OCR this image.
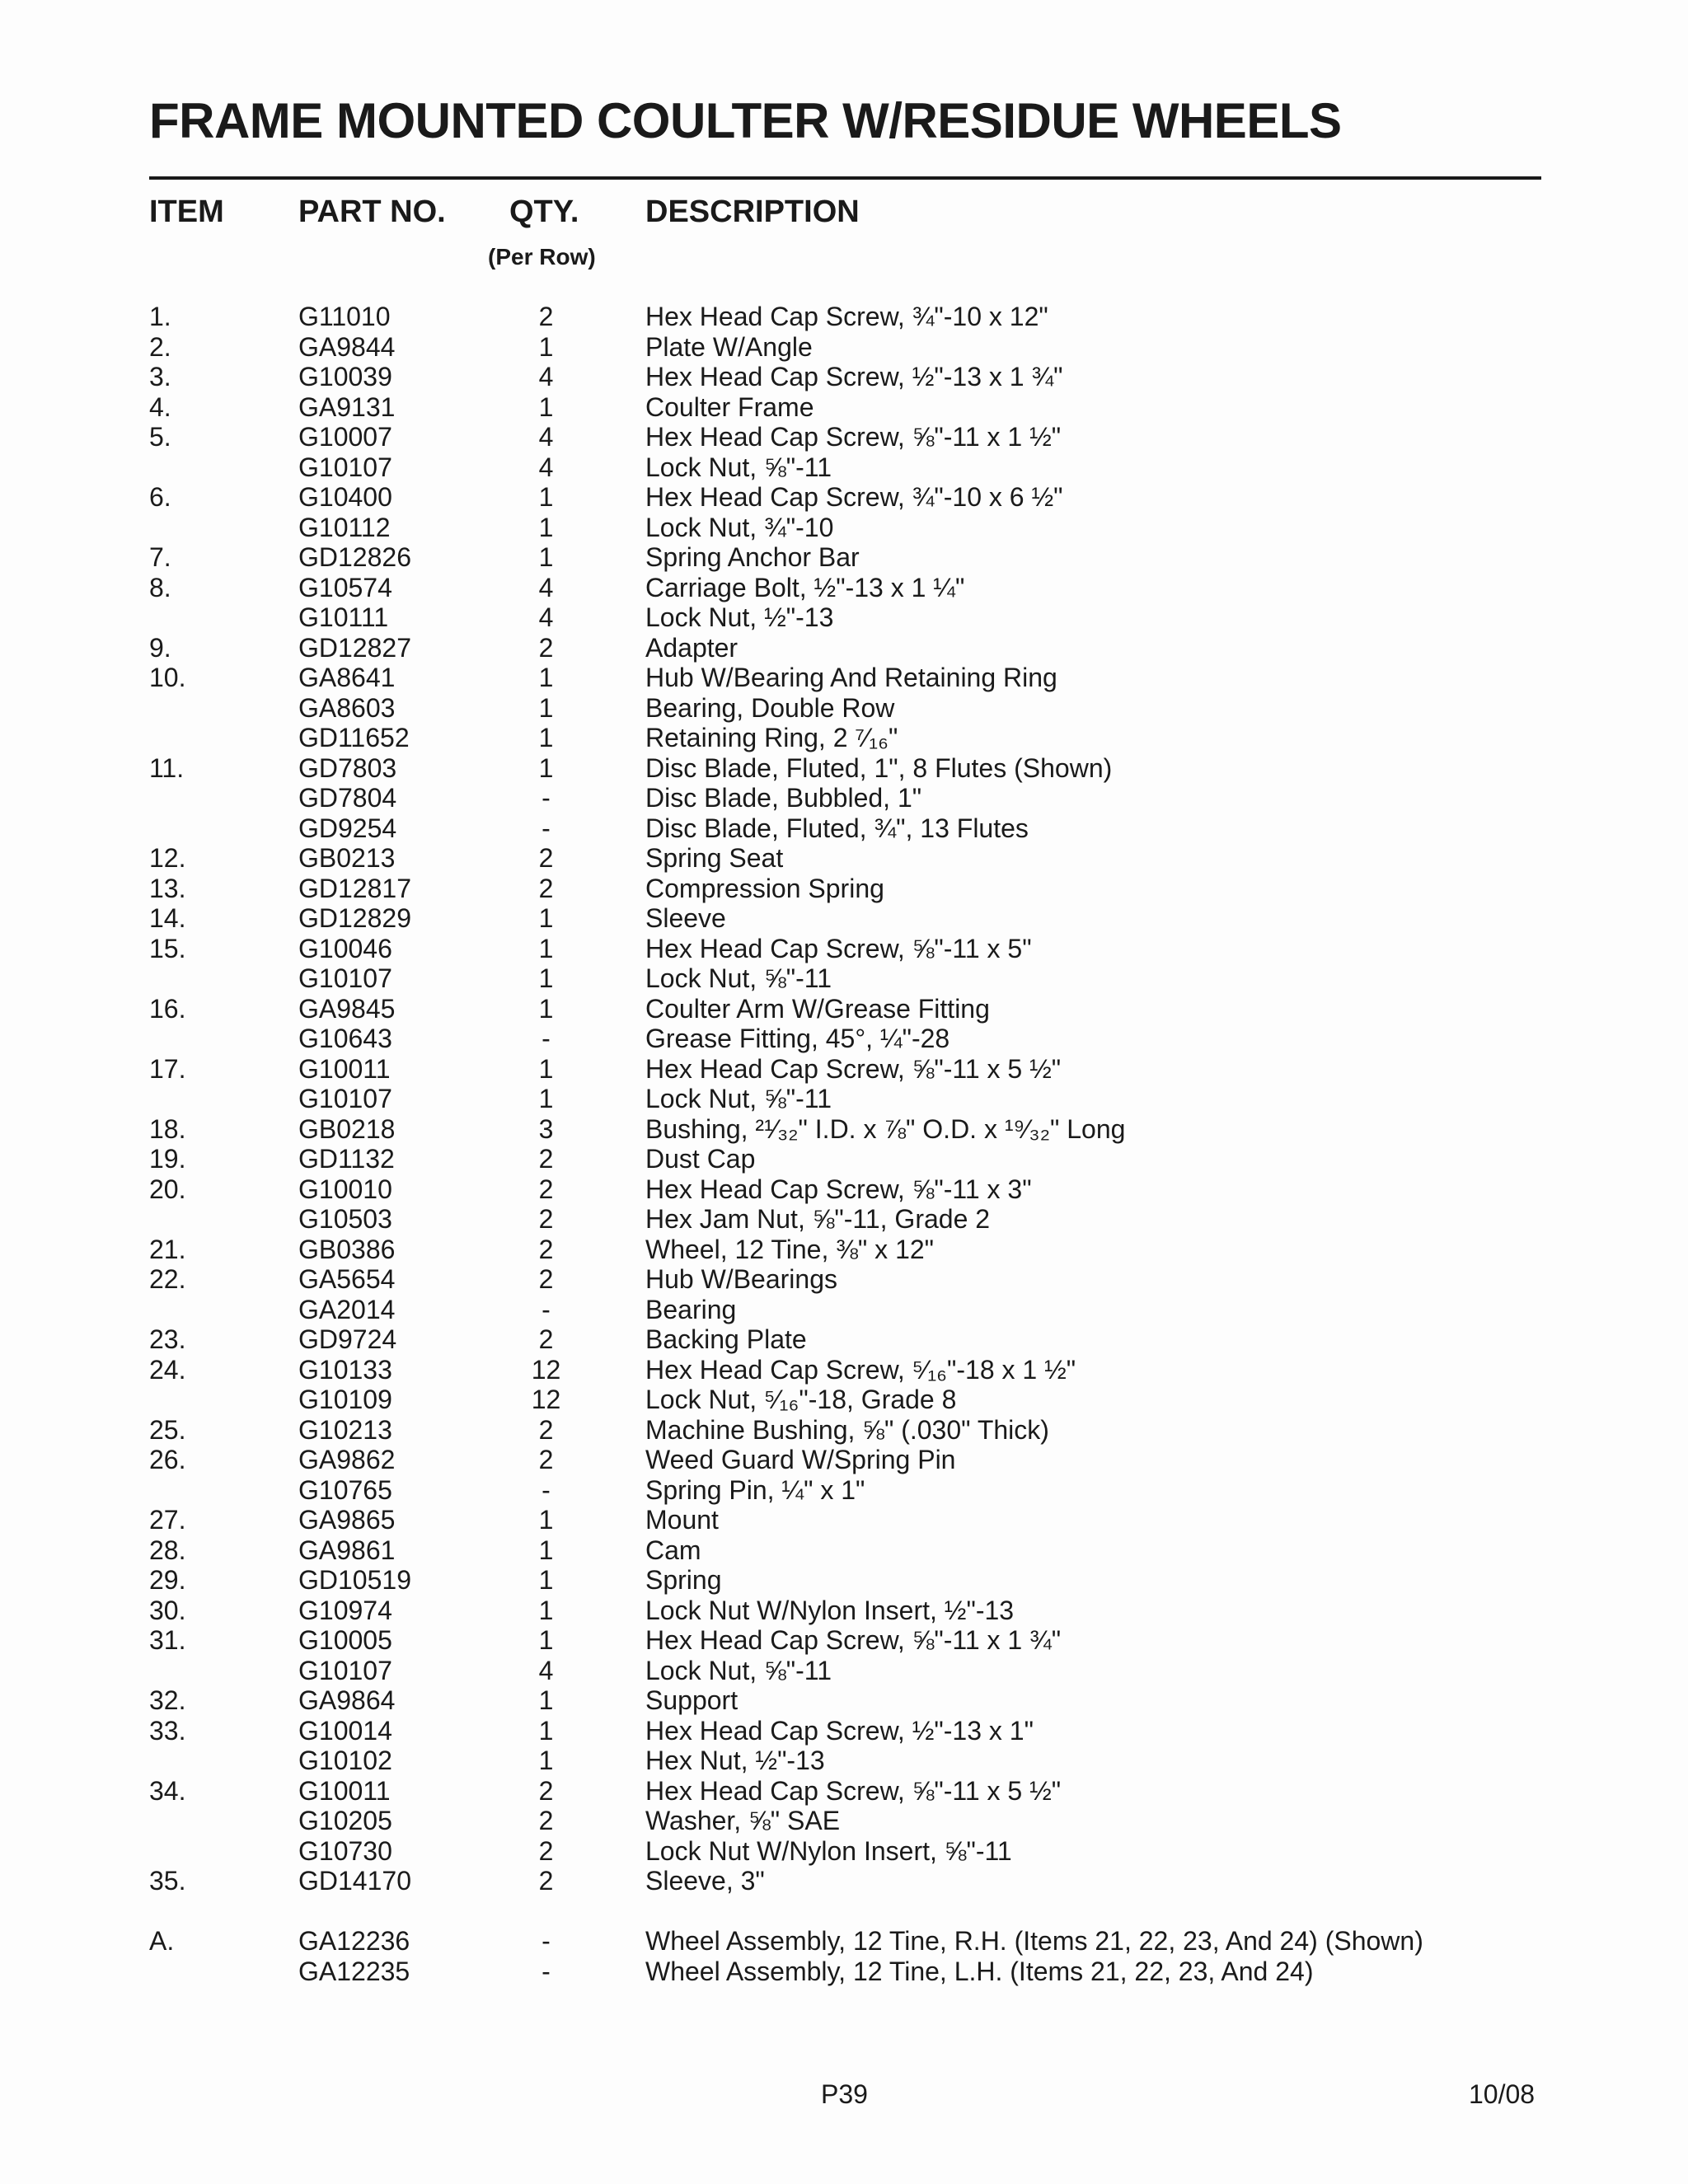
FRAME MOUNTED COULTER W/RESIDUE WHEELS
ITEM PART NO. QTY. DESCRIPTION
(Per Row)
1.	G11010	2	Hex Head Cap Screw, ¾"-10 x 12"
2.	GA9844	1	Plate W/Angle
3.	G10039	4	Hex Head Cap Screw, ½"-13 x 1 ¾"
4.	GA9131	1	Coulter Frame
5.	G10007	4	Hex Head Cap Screw, ⅝"-11 x 1 ½"
G10107	4	Lock Nut, ⅝"-11
6.	G10400	1	Hex Head Cap Screw, ¾"-10 x 6 ½"
G10112	1	Lock Nut, ¾"-10
7.	GD12826	1	Spring Anchor Bar
8.	G10574	4	Carriage Bolt, ½"-13 x 1 ¼"
G10111	4	Lock Nut, ½"-13
9.	GD12827	2	Adapter
10.	GA8641	1	Hub W/Bearing And Retaining Ring
GA8603	1	Bearing, Double Row
GD11652	1	Retaining Ring, 2 ⁷⁄₁₆"
11.	GD7803	1	Disc Blade, Fluted, 1", 8 Flutes (Shown)
GD7804	-	Disc Blade, Bubbled, 1"
GD9254	-	Disc Blade, Fluted, ¾", 13 Flutes
12.	GB0213	2	Spring Seat
13.	GD12817	2	Compression Spring
14.	GD12829	1	Sleeve
15.	G10046	1	Hex Head Cap Screw, ⅝"-11 x 5"
G10107	1	Lock Nut, ⅝"-11
16.	GA9845	1	Coulter Arm W/Grease Fitting
G10643	-	Grease Fitting, 45°, ¼"-28
17.	G10011	1	Hex Head Cap Screw, ⅝"-11 x 5 ½"
G10107	1	Lock Nut, ⅝"-11
18.	GB0218	3	Bushing, ²¹⁄₃₂" I.D. x ⅞" O.D. x ¹⁹⁄₃₂" Long
19.	GD1132	2	Dust Cap
20.	G10010	2	Hex Head Cap Screw, ⅝"-11 x 3"
G10503	2	Hex Jam Nut, ⅝"-11, Grade 2
21.	GB0386	2	Wheel, 12 Tine, ⅜" x 12"
22.	GA5654	2	Hub W/Bearings
GA2014	-	Bearing
23.	GD9724	2	Backing Plate
24.	G10133	12	Hex Head Cap Screw, ⁵⁄₁₆"-18 x 1 ½"
G10109	12	Lock Nut, ⁵⁄₁₆"-18, Grade 8
25.	G10213	2	Machine Bushing, ⅝" (.030" Thick)
26.	GA9862	2	Weed Guard W/Spring Pin
G10765	-	Spring Pin, ¼" x 1"
27.	GA9865	1	Mount
28.	GA9861	1	Cam
29.	GD10519	1	Spring
30.	G10974	1	Lock Nut W/Nylon Insert, ½"-13
31.	G10005	1	Hex Head Cap Screw, ⅝"-11 x 1 ¾"
G10107	4	Lock Nut, ⅝"-11
32.	GA9864	1	Support
33.	G10014	1	Hex Head Cap Screw, ½"-13 x 1"
G10102	1	Hex Nut, ½"-13
34.	G10011	2	Hex Head Cap Screw, ⅝"-11 x 5 ½"
G10205	2	Washer, ⅝" SAE
G10730	2	Lock Nut W/Nylon Insert, ⅝"-11
35.	GD14170	2	Sleeve, 3"
A.	GA12236	-	Wheel Assembly, 12 Tine, R.H. (Items 21, 22, 23, And 24) (Shown)
GA12235	-	Wheel Assembly, 12 Tine, L.H. (Items 21, 22, 23, And 24)
P39	10/08
